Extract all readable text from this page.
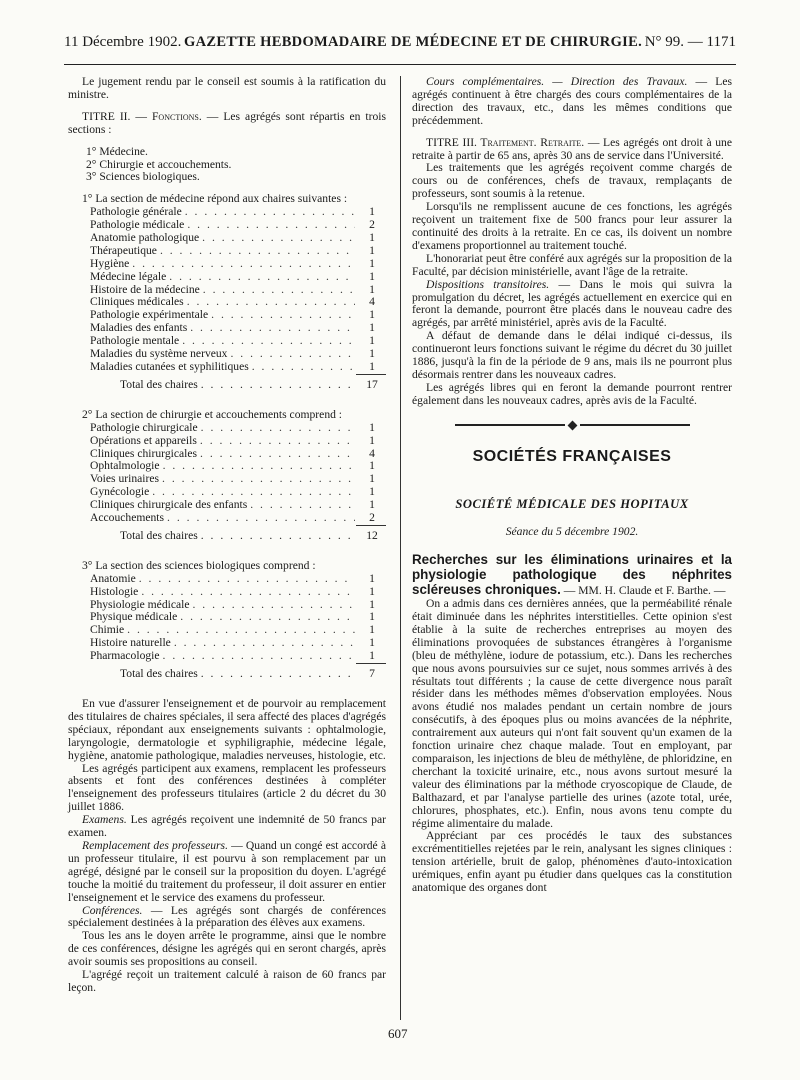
11 Décembre 1902. GAZETTE HEBDOMADAIRE DE MÉDECINE ET DE CHIRURGIE. N° 99. — 1171

Le jugement rendu par le conseil est soumis à la ratification du ministre.

TITRE II. — Fonctions. — Les agrégés sont répartis en trois sections :

1° Médecine.
2° Chirurgie et accouchements.
3° Sciences biologiques.

1° La section de médecine répond aux chaires suivantes :

Pathologie générale . . .	1
Pathologie médicale . . .	2
Anatomie pathologique . . .	1
Thérapeutique . . .	1
Hygiène . . .	1
Médecine légale . . .	1
Histoire de la médecine . . .	1
Cliniques médicales . . .	4
Pathologie expérimentale . . .	1
Maladies des enfants . . .	1
Pathologie mentale . . .	1
Maladies du système nerveux . . .	1
Maladies cutanées et syphilitiques . . .	1
Total des chaires . . .	17

2° La section de chirurgie et accouchements comprend :

Pathologie chirurgicale . . .	1
Opérations et appareils . . .	1
Cliniques chirurgicales . . .	4
Ophtalmologie . . .	1
Voies urinaires . . .	1
Gynécologie . . .	1
Cliniques chirurgicale des enfants . . .	1
Accouchements . . .	2
Total des chaires . . .	12

3° La section des sciences biologiques comprend :

Anatomie . . .	1
Histologie . . .	1
Physiologie médicale . . .	1
Physique médicale . . .	1
Chimie . . .	1
Histoire naturelle . . .	1
Pharmacologie . . .	1
Total des chaires . . .	7

En vue d'assurer l'enseignement et de pourvoir au remplacement des titulaires de chaires spéciales, il sera affecté des places d'agrégés spéciaux, répondant aux enseignements suivants : ophtalmologie, laryngologie, dermatologie et syphiligraphie, médecine légale, hygiène, anatomie pathologique, maladies nerveuses, histologie, etc.

Les agrégés participent aux examens, remplacent les professeurs absents et font des conférences destinées à compléter l'enseignement des professeurs titulaires (article 2 du décret du 30 juillet 1886.

Examens. Les agrégés reçoivent une indemnité de 50 francs par examen.

Remplacement des professeurs. — Quand un congé est accordé à un professeur titulaire, il est pourvu à son remplacement par un agrégé, désigné par le conseil sur la proposition du doyen. L'agrégé touche la moitié du traitement du professeur, il doit assurer en entier l'enseignement et le service des examens du professeur.

Conférences. — Les agrégés sont chargés de conférences spécialement destinées à la préparation des élèves aux examens.

Tous les ans le doyen arrête le programme, ainsi que le nombre de ces conférences, désigne les agrégés qui en seront chargés, après avoir soumis ses propositions au conseil.

L'agrégé reçoit un traitement calculé à raison de 60 francs par leçon.

Cours complémentaires. — Direction des Travaux. — Les agrégés continuent à être chargés des cours complémentaires de la direction des travaux, etc., dans les mêmes conditions que précédemment.

TITRE III. Traitement. Retraite. — Les agrégés ont droit à une retraite à partir de 65 ans, après 30 ans de service dans l'Université.

Les traitements que les agrégés reçoivent comme chargés de cours ou de conférences, chefs de travaux, remplaçants de professeurs, sont soumis à la retenue.

Lorsqu'ils ne remplissent aucune de ces fonctions, les agrégés reçoivent un traitement fixe de 500 francs pour leur assurer la continuité des droits à la retraite. En ce cas, ils doivent un nombre d'examens proportionnel au traitement touché.

L'honorariat peut être conféré aux agrégés sur la proposition de la Faculté, par décision ministérielle, avant l'âge de la retraite.

Dispositions transitoires. — Dans le mois qui suivra la promulgation du décret, les agrégés actuellement en exercice qui en feront la demande, pourront être placés dans le nouveau cadre des agrégés, par arrêté ministériel, après avis de la Faculté.

A défaut de demande dans le délai indiqué ci-dessus, ils continueront leurs fonctions suivant le régime du décret du 30 juillet 1886, jusqu'à la fin de la période de 9 ans, mais ils ne pourront plus désormais rentrer dans les nouveaux cadres.

Les agrégés libres qui en feront la demande pourront rentrer également dans les nouveaux cadres, après avis de la Faculté.

SOCIÉTÉS FRANÇAISES
SOCIÉTÉ MÉDICALE DES HOPITAUX
Séance du 5 décembre 1902.

Recherches sur les éliminations urinaires et la physiologie pathologique des néphrites scléreuses chroniques. — MM. H. Claude et F. Barthe. —

On a admis dans ces dernières années, que la perméabilité rénale était diminuée dans les néphrites interstitielles. Cette opinion s'est établie à la suite de recherches entreprises au moyen des éliminations provoquées de substances étrangères à l'organisme (bleu de méthylène, iodure de potassium, etc.). Dans les recherches que nous avons poursuivies sur ce sujet, nous sommes arrivés à des résultats tout différents ; la cause de cette divergence nous paraît résider dans les méthodes mêmes d'observation employées. Nous avons étudié nos malades pendant un certain nombre de jours consécutifs, à des époques plus ou moins avancées de la néphrite, contrairement aux auteurs qui n'ont fait souvent qu'un examen de la fonction urinaire chez chaque malade. Tout en employant, par comparaison, les injections de bleu de méthylène, de phloridzine, en cherchant la toxicité urinaire, etc., nous avons surtout mesuré la valeur des éliminations par la méthode cryoscopique de Claude, de Balthazard, et par l'analyse partielle des urines (azote total, urée, chlorures, phosphates, etc.). Enfin, nous avons tenu compte du régime alimentaire du malade.

Appréciant par ces procédés le taux des substances excrémentitielles rejetées par le rein, analysant les signes cliniques : tension artérielle, bruit de galop, phénomènes d'auto-intoxication urémiques, enfin ayant pu étudier dans quelques cas la constitution anatomique des organes dont

607
